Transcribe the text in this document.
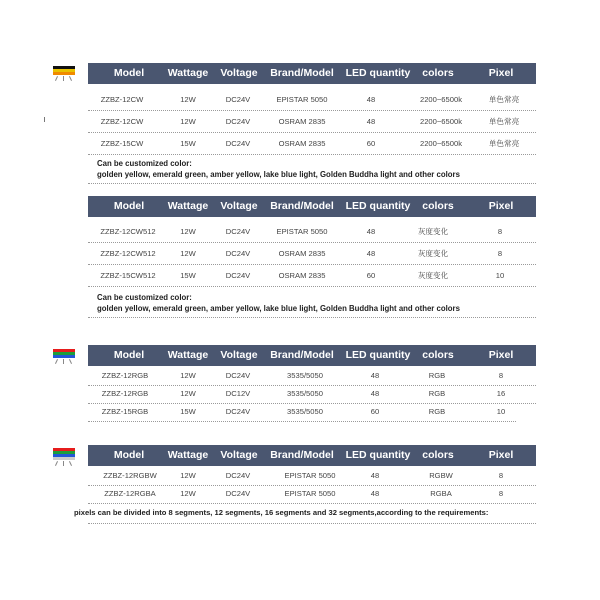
Model Wattage Voltage Brand/Model LED quantity colors	Pixel
ZZBZ-12CW	12W	DC24V	EPISTAR 5050	48	2200~6500k	单色常亮
ZZBZ-12CW	12W	DC24V	OSRAM 2835	48	2200~6500k	单色常亮
ZZBZ-15CW	15W	DC24V	OSRAM 2835	60	2200~6500k	单色常亮
Can be customized color:
golden yellow, emerald green, amber yellow, lake blue light, Golden Buddha light and other colors
Model Wattage Voltage Brand/Model LED quantity colors	Pixel
ZZBZ-12CW512	12W	DC24V	EPISTAR 5050	48	灰度变化	8
ZZBZ-12CW512	12W	DC24V	OSRAM 2835	48	灰度变化	8
ZZBZ-15CW512	15W	DC24V	OSRAM 2835	60	灰度变化	10
Can be customized color:
golden yellow, emerald green, amber yellow, lake blue light, Golden Buddha light and other colors
Model Wattage Voltage Brand/Model LED quantity colors	Pixel
ZZBZ-12RGB	12W	DC24V	3535/5050	48	RGB	8
ZZBZ-12RGB	12W	DC12V	3535/5050	48	RGB	16
ZZBZ-15RGB	15W	DC24V	3535/5050	60	RGB	10
Model Wattage Voltage Brand/Model LED quantity colors	Pixel
ZZBZ-12RGBW	12W	DC24V	EPISTAR 5050	48	RGBW	8
ZZBZ-12RGBA	12W	DC24V	EPISTAR 5050	48	RGBA	8
pixels can be divided into 8 segments, 12 segments, 16 segments and 32 segments,according to the requirements:
